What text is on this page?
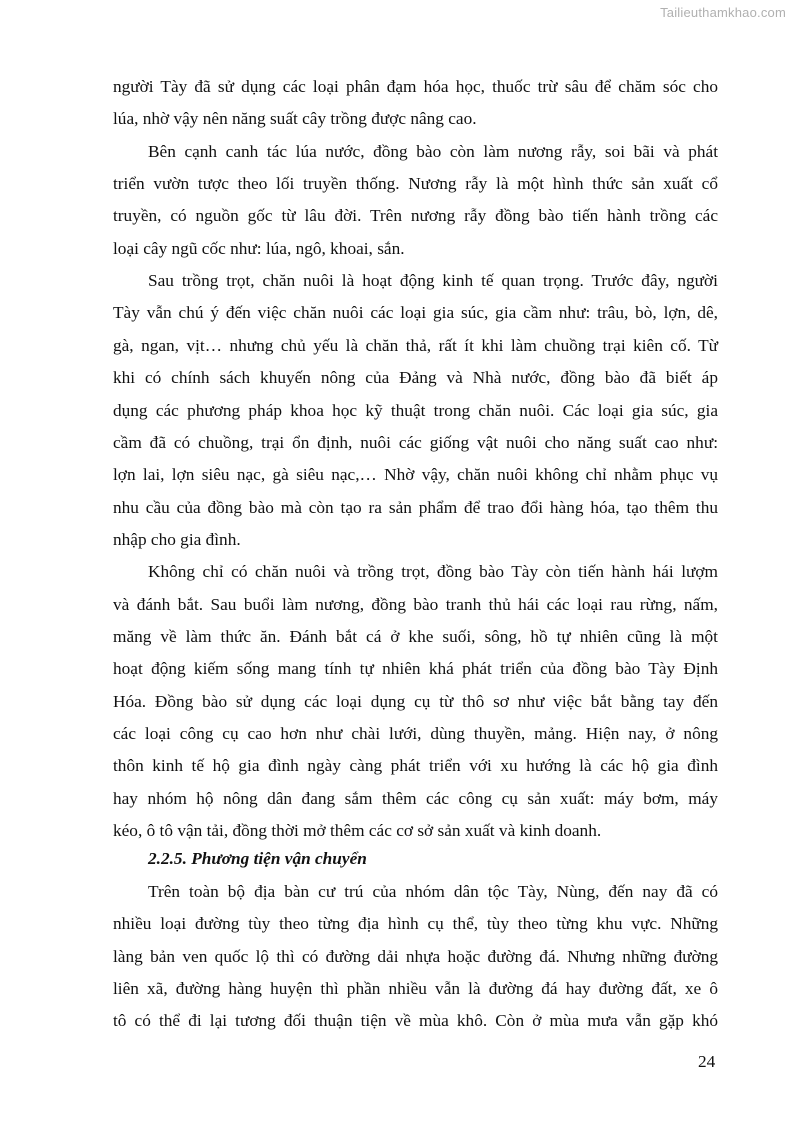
Tailieuthamkhao.com
người Tày đã sử dụng các loại phân đạm hóa học, thuốc trừ sâu để chăm sóc cho
lúa, nhờ vậy nên năng suất cây trồng được nâng cao.
Bên cạnh canh tác lúa nước, đồng bào còn làm nương rẫy, soi bãi và phát
triển vườn tược theo lối truyền thống. Nương rẫy là một hình thức sản xuất cổ
truyền, có nguồn gốc từ lâu đời. Trên nương rẫy đồng bào tiến hành trồng các
loại cây ngũ cốc như: lúa, ngô, khoai, sắn.
Sau trồng trọt, chăn nuôi là hoạt động kinh tế quan trọng. Trước đây, người
Tày vẫn chú ý đến việc chăn nuôi các loại gia súc, gia cầm như: trâu, bò, lợn, dê,
gà, ngan, vịt… nhưng chủ yếu là chăn thả, rất ít khi làm chuồng trại kiên cố. Từ
khi có chính sách khuyến nông của Đảng và Nhà nước, đồng bào đã biết áp
dụng các phương pháp khoa học kỹ thuật trong chăn nuôi. Các loại gia súc, gia
cầm đã có chuồng, trại ổn định, nuôi các giống vật nuôi cho năng suất cao như:
lợn lai, lợn siêu nạc, gà siêu nạc,… Nhờ vậy, chăn nuôi không chỉ nhằm phục vụ
nhu cầu của đồng bào mà còn tạo ra sản phẩm để trao đổi hàng hóa, tạo thêm thu
nhập cho gia đình.
Không chỉ có chăn nuôi và trồng trọt, đồng bào Tày còn tiến hành hái lượm
và đánh bắt. Sau buổi làm nương, đồng bào tranh thủ hái các loại rau rừng, nấm,
măng về làm thức ăn. Đánh bắt cá ở khe suối, sông, hồ tự nhiên cũng là một
hoạt động kiếm sống mang tính tự nhiên khá phát triển của đồng bào Tày Định
Hóa. Đồng bào sử dụng các loại dụng cụ từ thô sơ như việc bắt bằng tay đến
các loại công cụ cao hơn như chài lưới, dùng thuyền, mảng. Hiện nay, ở nông
thôn kinh tế hộ gia đình ngày càng phát triển với xu hướng là các hộ gia đình
hay nhóm hộ nông dân đang sắm thêm các công cụ sản xuất: máy bơm, máy
kéo, ô tô vận tải, đồng thời mở thêm các cơ sở sản xuất và kinh doanh.
2.2.5. Phương tiện vận chuyển
Trên toàn bộ địa bàn cư trú của nhóm dân tộc Tày, Nùng, đến nay đã có
nhiều loại đường tùy theo từng địa hình cụ thể, tùy theo từng khu vực. Những
làng bản ven quốc lộ thì có đường dải nhựa hoặc đường đá. Nhưng những đường
liên xã, đường hàng huyện thì phần nhiều vẫn là đường đá hay đường đất, xe ô
tô có thể đi lại tương đối thuận tiện về mùa khô. Còn ở mùa mưa vẫn gặp khó
24
